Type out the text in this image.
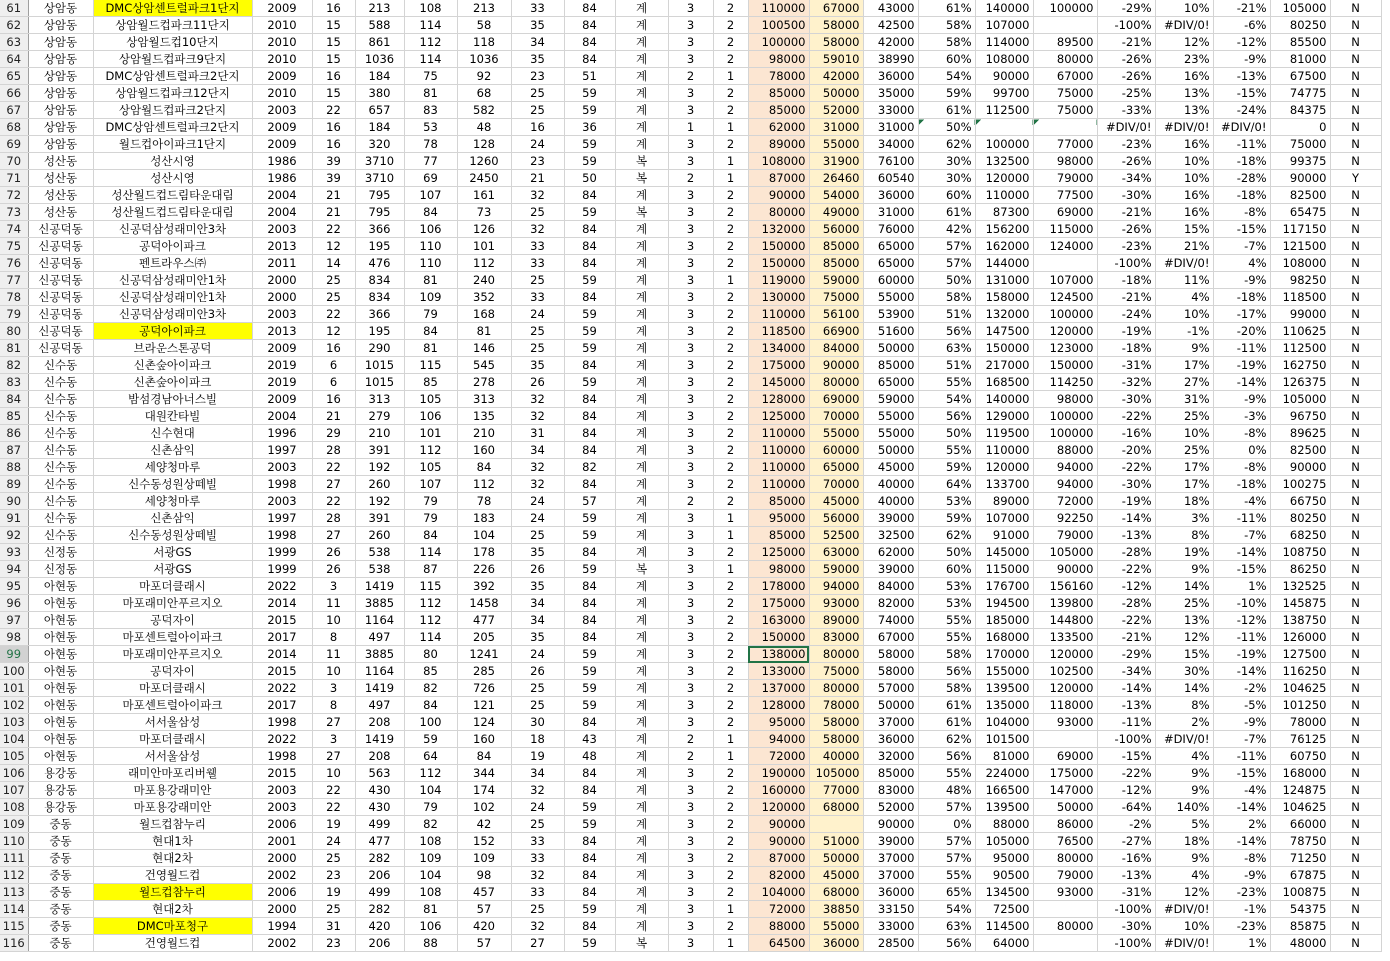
61	상암동	DMC상암센트럴파크1단지	2009	16	213	108	213	33	84	계	3	2	110000	67000	43000	61%	140000	100000	-29%	10%	-21%	105000	N
62	상암동	상암월드컵파크11단지	2010	15	588	114	58	35	84	계	3	2	100500	58000	42500	58%	107000		-100%	#DIV/0!	-6%	80250	N
63	상암동	상암월드컵10단지	2010	15	861	112	118	34	84	계	3	2	100000	58000	42000	58%	114000	89500	-21%	12%	-12%	85500	N
64	상암동	상암월드컵파크9단지	2010	15	1036	114	1036	35	84	계	3	2	98000	59010	38990	60%	108000	80000	-26%	23%	-9%	81000	N
65	상암동	DMC상암센트럴파크2단지	2009	16	184	75	92	23	51	계	2	1	78000	42000	36000	54%	90000	67000	-26%	16%	-13%	67500	N
66	상암동	상암월드컵파크12단지	2010	15	380	81	68	25	59	계	3	2	85000	50000	35000	59%	99700	75000	-25%	13%	-15%	74775	N
67	상암동	상암월드컵파크2단지	2003	22	657	83	582	25	59	계	3	2	85000	52000	33000	61%	112500	75000	-33%	13%	-24%	84375	N
68	상암동	DMC상암센트럴파크2단지	2009	16	184	53	48	16	36	계	1	1	62000	31000	31000	50%			#DIV/0!	#DIV/0!	#DIV/0!	0	N
69	상암동	월드컵아이파크1단지	2009	16	320	78	128	24	59	계	3	2	89000	55000	34000	62%	100000	77000	-23%	16%	-11%	75000	N
70	성산동	성산시영	1986	39	3710	77	1260	23	59	복	3	1	108000	31900	76100	30%	132500	98000	-26%	10%	-18%	99375	N
71	성산동	성산시영	1986	39	3710	69	2450	21	50	복	2	1	87000	26460	60540	30%	120000	79000	-34%	10%	-28%	90000	Y
72	성산동	성산월드컵드림타운대림	2004	21	795	107	161	32	84	계	3	2	90000	54000	36000	60%	110000	77500	-30%	16%	-18%	82500	N
73	성산동	성산월드컵드림타운대림	2004	21	795	84	73	25	59	복	3	2	80000	49000	31000	61%	87300	69000	-21%	16%	-8%	65475	N
74	신공덕동	신공덕삼성래미안3차	2003	22	366	106	126	32	84	계	3	2	132000	56000	76000	42%	156200	115000	-26%	15%	-15%	117150	N
75	신공덕동	공덕아이파크	2013	12	195	110	101	33	84	계	3	2	150000	85000	65000	57%	162000	124000	-23%	21%	-7%	121500	N
76	신공덕동	펜트라우스㈜	2011	14	476	110	112	33	84	계	3	2	150000	85000	65000	57%	144000		-100%	#DIV/0!	4%	108000	N
77	신공덕동	신공덕삼성래미안1차	2000	25	834	81	240	25	59	계	3	1	119000	59000	60000	50%	131000	107000	-18%	11%	-9%	98250	N
78	신공덕동	신공덕삼성래미안1차	2000	25	834	109	352	33	84	계	3	2	130000	75000	55000	58%	158000	124500	-21%	4%	-18%	118500	N
79	신공덕동	신공덕삼성래미안3차	2003	22	366	79	168	24	59	계	3	2	110000	56100	53900	51%	132000	100000	-24%	10%	-17%	99000	N
80	신공덕동	공덕아이파크	2013	12	195	84	81	25	59	계	3	2	118500	66900	51600	56%	147500	120000	-19%	-1%	-20%	110625	N
81	신공덕동	브라운스톤공덕	2009	16	290	81	146	25	59	계	3	2	134000	84000	50000	63%	150000	123000	-18%	9%	-11%	112500	N
82	신수동	신촌숲아이파크	2019	6	1015	115	545	35	84	계	3	2	175000	90000	85000	51%	217000	150000	-31%	17%	-19%	162750	N
83	신수동	신촌숲아이파크	2019	6	1015	85	278	26	59	계	3	2	145000	80000	65000	55%	168500	114250	-32%	27%	-14%	126375	N
84	신수동	밤섬경남아너스빌	2009	16	313	105	313	32	84	계	3	2	128000	69000	59000	54%	140000	98000	-30%	31%	-9%	105000	N
85	신수동	대원칸타빌	2004	21	279	106	135	32	84	계	3	2	125000	70000	55000	56%	129000	100000	-22%	25%	-3%	96750	N
86	신수동	신수현대	1996	29	210	101	210	31	84	계	3	2	110000	55000	55000	50%	119500	100000	-16%	10%	-8%	89625	N
87	신수동	신촌삼익	1997	28	391	112	160	34	84	계	3	2	110000	60000	50000	55%	110000	88000	-20%	25%	0%	82500	N
88	신수동	세양청마루	2003	22	192	105	84	32	82	계	3	2	110000	65000	45000	59%	120000	94000	-22%	17%	-8%	90000	N
89	신수동	신수동성원상떼빌	1998	27	260	107	112	32	84	계	3	2	110000	70000	40000	64%	133700	94000	-30%	17%	-18%	100275	N
90	신수동	세양청마루	2003	22	192	79	78	24	57	계	2	2	85000	45000	40000	53%	89000	72000	-19%	18%	-4%	66750	N
91	신수동	신촌삼익	1997	28	391	79	183	24	59	계	3	1	95000	56000	39000	59%	107000	92250	-14%	3%	-11%	80250	N
92	신수동	신수동성원상떼빌	1998	27	260	84	104	25	59	계	3	1	85000	52500	32500	62%	91000	79000	-13%	8%	-7%	68250	N
93	신정동	서광GS	1999	26	538	114	178	35	84	계	3	2	125000	63000	62000	50%	145000	105000	-28%	19%	-14%	108750	N
94	신정동	서광GS	1999	26	538	87	226	26	59	복	3	1	98000	59000	39000	60%	115000	90000	-22%	9%	-15%	86250	N
95	아현동	마포더클래시	2022	3	1419	115	392	35	84	계	3	2	178000	94000	84000	53%	176700	156160	-12%	14%	1%	132525	N
96	아현동	마포래미안푸르지오	2014	11	3885	112	1458	34	84	계	3	2	175000	93000	82000	53%	194500	139800	-28%	25%	-10%	145875	N
97	아현동	공덕자이	2015	10	1164	112	477	34	84	계	3	2	163000	89000	74000	55%	185000	144800	-22%	13%	-12%	138750	N
98	아현동	마포센트럴아이파크	2017	8	497	114	205	35	84	계	3	2	150000	83000	67000	55%	168000	133500	-21%	12%	-11%	126000	N
99	아현동	마포래미안푸르지오	2014	11	3885	80	1241	24	59	계	3	2	138000	80000	58000	58%	170000	120000	-29%	15%	-19%	127500	N
100	아현동	공덕자이	2015	10	1164	85	285	26	59	계	3	2	133000	75000	58000	56%	155000	102500	-34%	30%	-14%	116250	N
101	아현동	마포더클래시	2022	3	1419	82	726	25	59	계	3	2	137000	80000	57000	58%	139500	120000	-14%	14%	-2%	104625	N
102	아현동	마포센트럴아이파크	2017	8	497	84	121	25	59	계	3	2	128000	78000	50000	61%	135000	118000	-13%	8%	-5%	101250	N
103	아현동	서서울삼성	1998	27	208	100	124	30	84	계	3	2	95000	58000	37000	61%	104000	93000	-11%	2%	-9%	78000	N
104	아현동	마포더클래시	2022	3	1419	59	160	18	43	계	2	1	94000	58000	36000	62%	101500		-100%	#DIV/0!	-7%	76125	N
105	아현동	서서울삼성	1998	27	208	64	84	19	48	계	2	1	72000	40000	32000	56%	81000	69000	-15%	4%	-11%	60750	N
106	용강동	래미안마포리버웰	2015	10	563	112	344	34	84	계	3	2	190000	105000	85000	55%	224000	175000	-22%	9%	-15%	168000	N
107	용강동	마포용강래미안	2003	22	430	104	174	32	84	계	3	2	160000	77000	83000	48%	166500	147000	-12%	9%	-4%	124875	N
108	용강동	마포용강래미안	2003	22	430	79	102	24	59	계	3	2	120000	68000	52000	57%	139500	50000	-64%	140%	-14%	104625	N
109	중동	월드컵참누리	2006	19	499	82	42	25	59	계	3	2	90000		90000	0%	88000	86000	-2%	5%	2%	66000	N
110	중동	현대1차	2001	24	477	108	152	33	84	계	3	2	90000	51000	39000	57%	105000	76500	-27%	18%	-14%	78750	N
111	중동	현대2차	2000	25	282	109	109	33	84	계	3	2	87000	50000	37000	57%	95000	80000	-16%	9%	-8%	71250	N
112	중동	건영월드컵	2002	23	206	104	98	32	84	계	3	2	82000	45000	37000	55%	90500	79000	-13%	4%	-9%	67875	N
113	중동	월드컵참누리	2006	19	499	108	457	33	84	계	3	2	104000	68000	36000	65%	134500	93000	-31%	12%	-23%	100875	N
114	중동	현대2차	2000	25	282	81	57	25	59	계	3	1	72000	38850	33150	54%	72500		-100%	#DIV/0!	-1%	54375	N
115	중동	DMC마포청구	1994	31	420	106	420	32	84	계	3	2	88000	55000	33000	63%	114500	80000	-30%	10%	-23%	85875	N
116	중동	건영월드컵	2002	23	206	88	57	27	59	복	3	1	64500	36000	28500	56%	64000		-100%	#DIV/0!	1%	48000	N
